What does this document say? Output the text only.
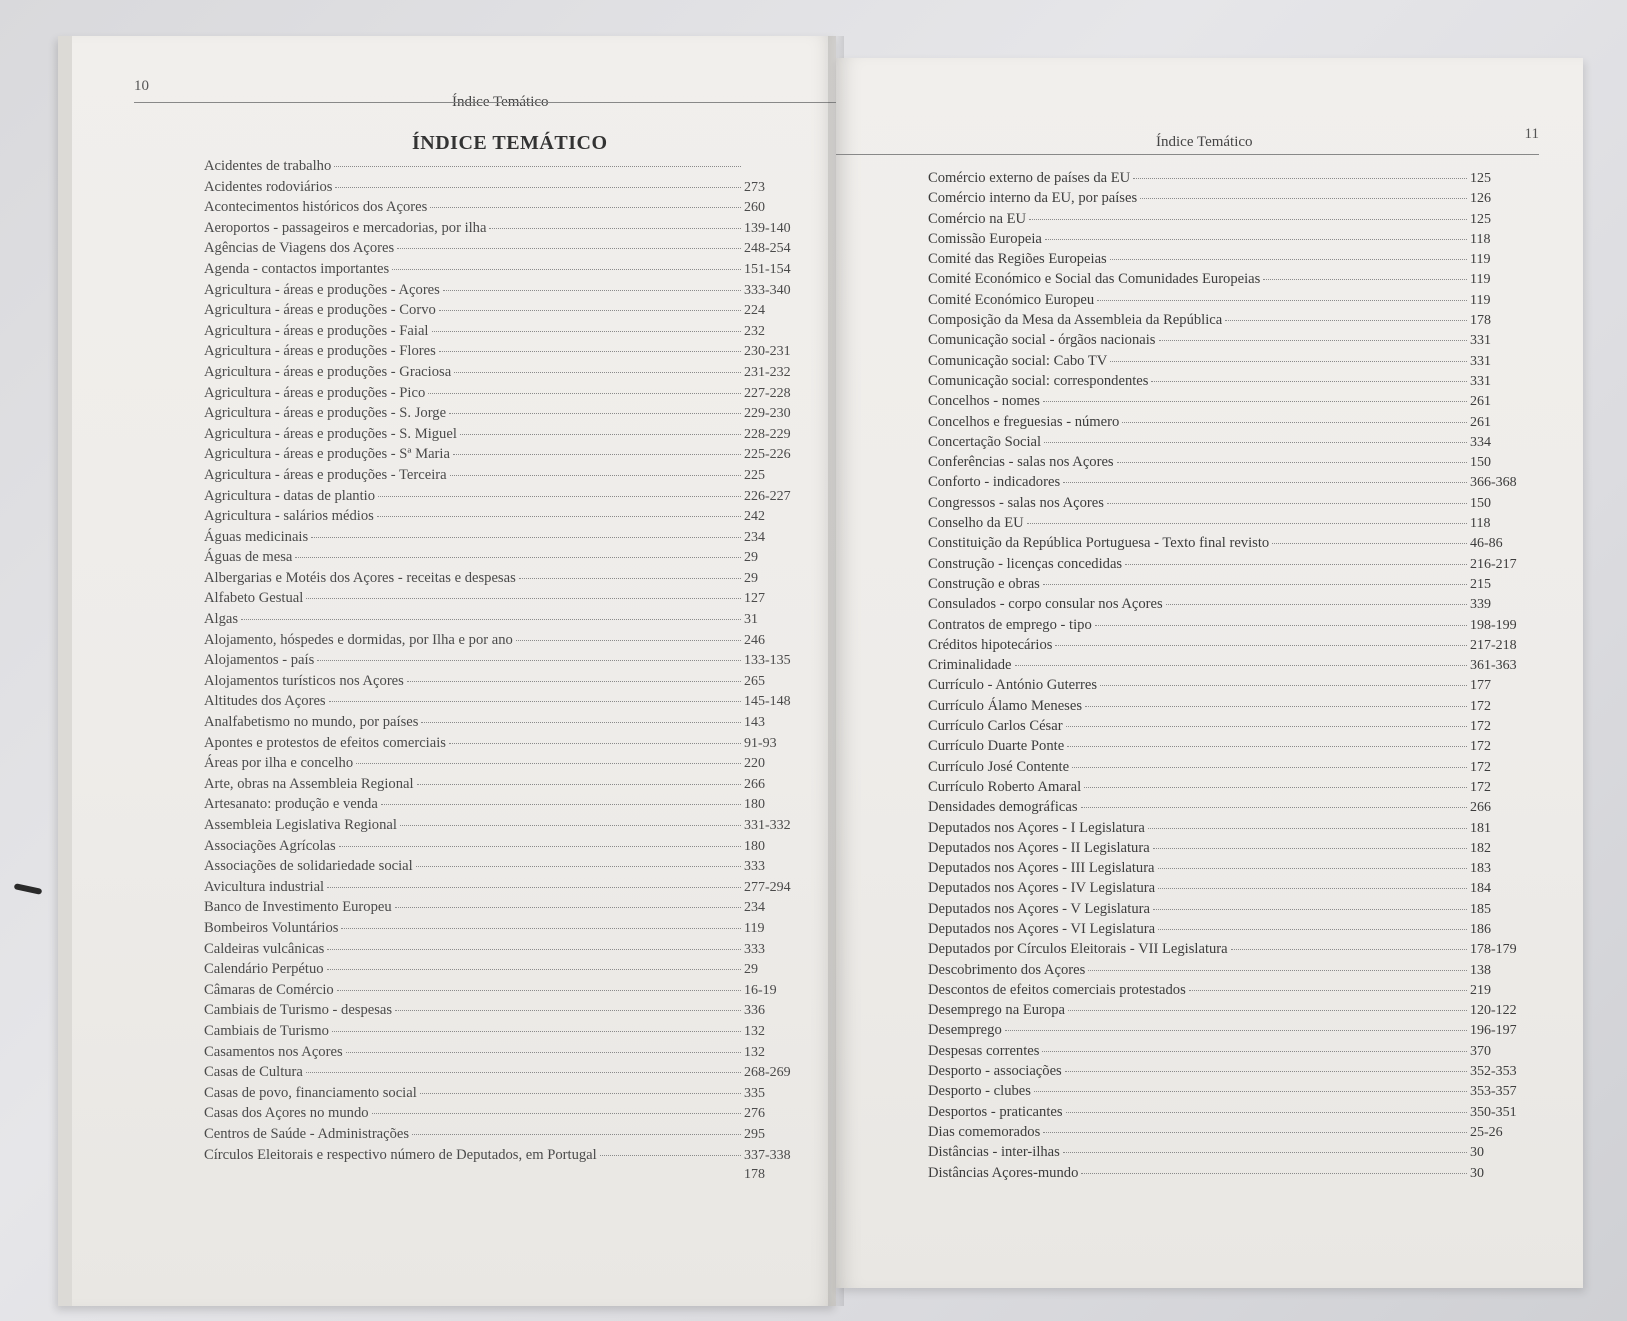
10
Índice Temático
ÍNDICE TEMÁTICO
Acidentes de trabalho
Acidentes rodoviários	273
Acontecimentos históricos dos Açores	260
Aeroportos - passageiros e mercadorias, por ilha	139-140
Agências de Viagens dos Açores	248-254
Agenda - contactos importantes	151-154
Agricultura - áreas e produções - Açores	333-340
Agricultura - áreas e produções - Corvo	224
Agricultura - áreas e produções - Faial	232
Agricultura - áreas e produções - Flores	230-231
Agricultura - áreas e produções - Graciosa	231-232
Agricultura - áreas e produções - Pico	227-228
Agricultura - áreas e produções - S. Jorge	229-230
Agricultura - áreas e produções - S. Miguel	228-229
Agricultura - áreas e produções - Sª Maria	225-226
Agricultura - áreas e produções - Terceira	225
Agricultura - datas de plantio	226-227
Agricultura - salários médios	242
Águas medicinais	234
Águas de mesa	29
Albergarias e Motéis dos Açores - receitas e despesas	29
Alfabeto Gestual	127
Algas	31
Alojamento, hóspedes e dormidas, por Ilha e por ano	246
Alojamentos - país	133-135
Alojamentos turísticos nos Açores	265
Altitudes dos Açores	145-148
Analfabetismo no mundo, por países	143
Apontes e protestos de efeitos comerciais	91-93
Áreas por ilha e concelho	220
Arte, obras na Assembleia Regional	266
Artesanato: produção e venda	180
Assembleia Legislativa Regional	331-332
Associações Agrícolas	180
Associações de solidariedade social	333
Avicultura industrial	277-294
Banco de Investimento Europeu	234
Bombeiros Voluntários	119
Caldeiras vulcânicas	333
Calendário Perpétuo	29
Câmaras de Comércio	16-19
Cambiais de Turismo - despesas	336
Cambiais de Turismo	132
Casamentos nos Açores	132
Casas de Cultura	268-269
Casas de povo, financiamento social	335
Casas dos Açores no mundo	276
Centros de Saúde - Administrações	295
Círculos Eleitorais e respectivo número de Deputados, em Portugal	337-338
178
11
Índice Temático
Comércio externo de países da EU	125
Comércio interno da EU, por países	126
Comércio na EU	125
Comissão Europeia	118
Comité das Regiões Europeias	119
Comité Económico e Social das Comunidades Europeias	119
Comité Económico Europeu	119
Composição da Mesa da Assembleia da República	178
Comunicação social - órgãos nacionais	331
Comunicação social: Cabo TV	331
Comunicação social: correspondentes	331
Concelhos - nomes	261
Concelhos e freguesias - número	261
Concertação Social	334
Conferências - salas nos Açores	150
Conforto - indicadores	366-368
Congressos - salas nos Açores	150
Conselho da EU	118
Constituição da República Portuguesa - Texto final revisto	46-86
Construção - licenças concedidas	216-217
Construção e obras	215
Consulados - corpo consular nos Açores	339
Contratos de emprego - tipo	198-199
Créditos hipotecários	217-218
Criminalidade	361-363
Currículo - António Guterres	177
Currículo Álamo Meneses	172
Currículo Carlos César	172
Currículo Duarte Ponte	172
Currículo José Contente	172
Currículo Roberto Amaral	172
Densidades demográficas	266
Deputados nos Açores - I Legislatura	181
Deputados nos Açores - II Legislatura	182
Deputados nos Açores - III Legislatura	183
Deputados nos Açores - IV Legislatura	184
Deputados nos Açores - V Legislatura	185
Deputados nos Açores - VI Legislatura	186
Deputados por Círculos Eleitorais - VII Legislatura	178-179
Descobrimento dos Açores	138
Descontos de efeitos comerciais protestados	219
Desemprego na Europa	120-122
Desemprego	196-197
Despesas correntes	370
Desporto - associações	352-353
Desporto - clubes	353-357
Desportos - praticantes	350-351
Dias comemorados	25-26
Distâncias - inter-ilhas	30
Distâncias Açores-mundo	30
